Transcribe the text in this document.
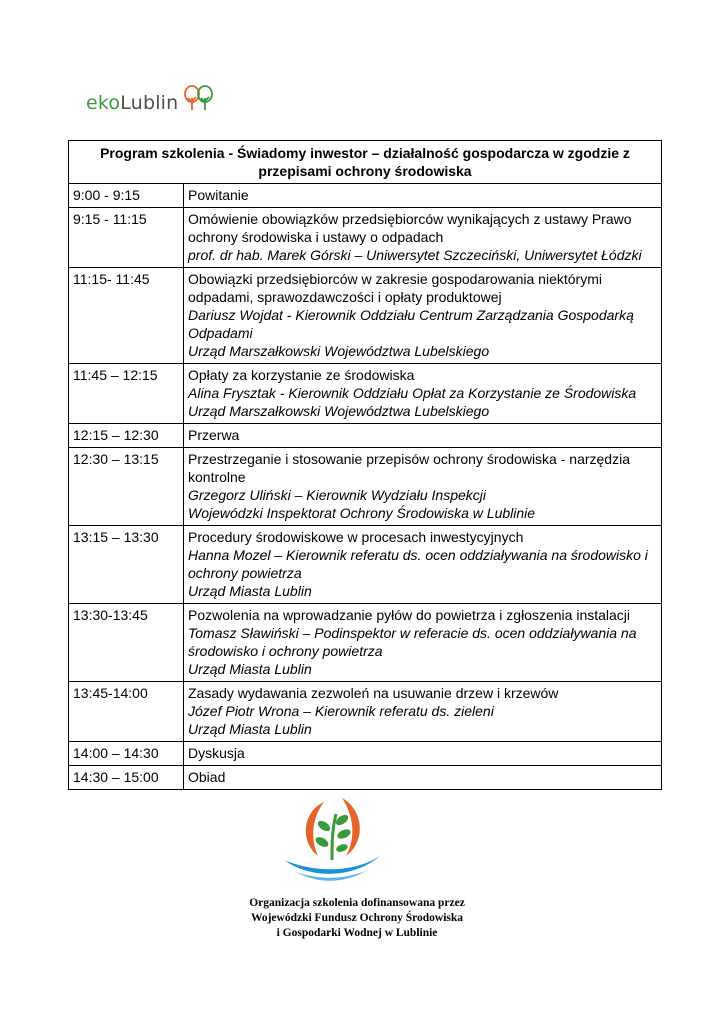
ekoLublin
Program szkolenia - Świadomy inwestor – działalność gospodarcza w zgodzie z przepisami ochrony środowiska	
9:00 - 9:15	Powitanie

9:15 - 11:15	Omówienie obowiązków przedsiębiorców wynikających z ustawy Prawo ochrony środowiska i ustawy o odpadach
prof. dr hab. Marek Górski – Uniwersytet Szczeciński, Uniwersytet Łódzki

11:15- 11:45	Obowiązki przedsiębiorców w zakresie gospodarowania niektórymi odpadami, sprawozdawczości i opłaty produktowej
Dariusz Wojdat - Kierownik Oddziału Centrum Zarządzania Gospodarką Odpadami
Urząd Marszałkowski Województwa Lubelskiego

11:45 – 12:15	Opłaty za korzystanie ze środowiska
Alina Frysztak - Kierownik Oddziału Opłat za Korzystanie ze Środowiska
Urząd Marszałkowski Województwa Lubelskiego

12:15 – 12:30	Przerwa

12:30 – 13:15	Przestrzeganie i stosowanie przepisów ochrony środowiska - narzędzia kontrolne
Grzegorz Uliński – Kierownik Wydziału Inspekcji
Wojewódzki Inspektorat Ochrony Środowiska w Lublinie

13:15 – 13:30	Procedury środowiskowe w procesach inwestycyjnych
Hanna Mozel – Kierownik referatu ds. ocen oddziaływania na środowisko i ochrony powietrza
Urząd Miasta Lublin

13:30-13:45	Pozwolenia na wprowadzanie pyłów do powietrza i zgłoszenia instalacji
Tomasz Sławiński – Podinspektor w referacie ds. ocen oddziaływania na środowisko i ochrony powietrza
Urząd Miasta Lublin

13:45-14:00	Zasady wydawania zezwoleń na usuwanie drzew i krzewów
Józef Piotr Wrona – Kierownik referatu ds. zieleni
Urząd Miasta Lublin

14:00 – 14:30	Dyskusja

14:30 – 15:00	Obiad
Organizacja szkolenia dofinansowana przez
Wojewódzki Fundusz Ochrony Środowiska
i Gospodarki Wodnej w Lublinie
